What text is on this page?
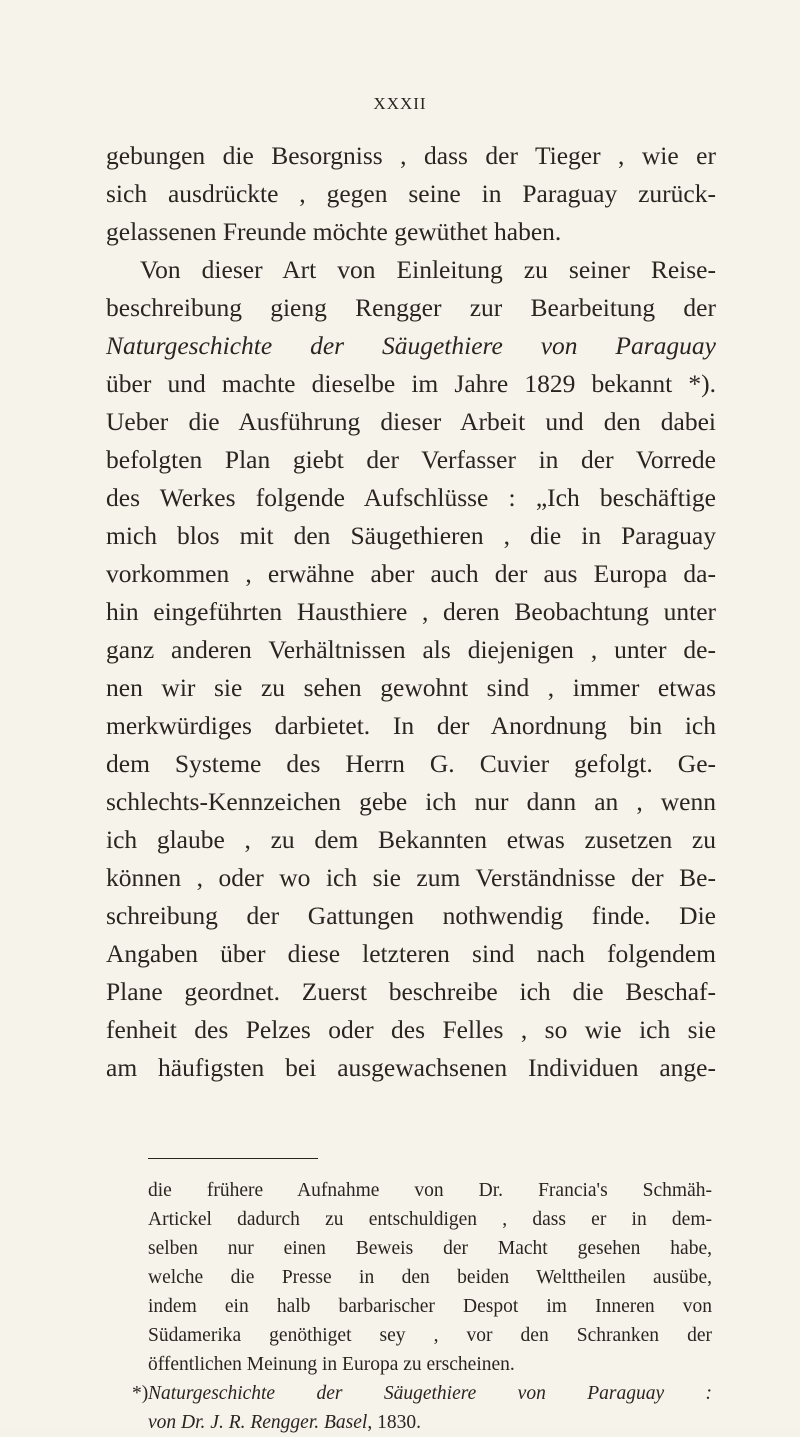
XXXII
gebungen die Besorgniss , dass der Tieger , wie er
sich ausdrückte , gegen seine in Paraguay zurück-
gelassenen Freunde möchte gewüthet haben.
Von dieser Art von Einleitung zu seiner Reise-
beschreibung gieng Rengger zur Bearbeitung der
Naturgeschichte der Säugethiere von Paraguay
über und machte dieselbe im Jahre 1829 bekannt *).
Ueber die Ausführung dieser Arbeit und den dabei
befolgten Plan giebt der Verfasser in der Vorrede
des Werkes folgende Aufschlüsse : „Ich beschäftige
mich blos mit den Säugethieren , die in Paraguay
vorkommen , erwähne aber auch der aus Europa da-
hin eingeführten Hausthiere , deren Beobachtung unter
ganz anderen Verhältnissen als diejenigen , unter de-
nen wir sie zu sehen gewohnt sind , immer etwas
merkwürdiges darbietet. In der Anordnung bin ich
dem Systeme des Herrn G. Cuvier gefolgt. Ge-
schlechts-Kennzeichen gebe ich nur dann an , wenn
ich glaube , zu dem Bekannten etwas zusetzen zu
können , oder wo ich sie zum Verständnisse der Be-
schreibung der Gattungen nothwendig finde. Die
Angaben über diese letzteren sind nach folgendem
Plane geordnet. Zuerst beschreibe ich die Beschaf-
fenheit des Pelzes oder des Felles , so wie ich sie
am häufigsten bei ausgewachsenen Individuen ange-
die frühere Aufnahme von Dr. Francia's Schmäh-
Artickel dadurch zu entschuldigen , dass er in dem-
selben nur einen Beweis der Macht gesehen habe,
welche die Presse in den beiden Welttheilen ausübe,
indem ein halb barbarischer Despot im Inneren von
Südamerika genöthiget sey , vor den Schranken der
öffentlichen Meinung in Europa zu erscheinen.
*)Naturgeschichte der Säugethiere von Paraguay :
von Dr. J. R. Rengger. Basel, 1830.
